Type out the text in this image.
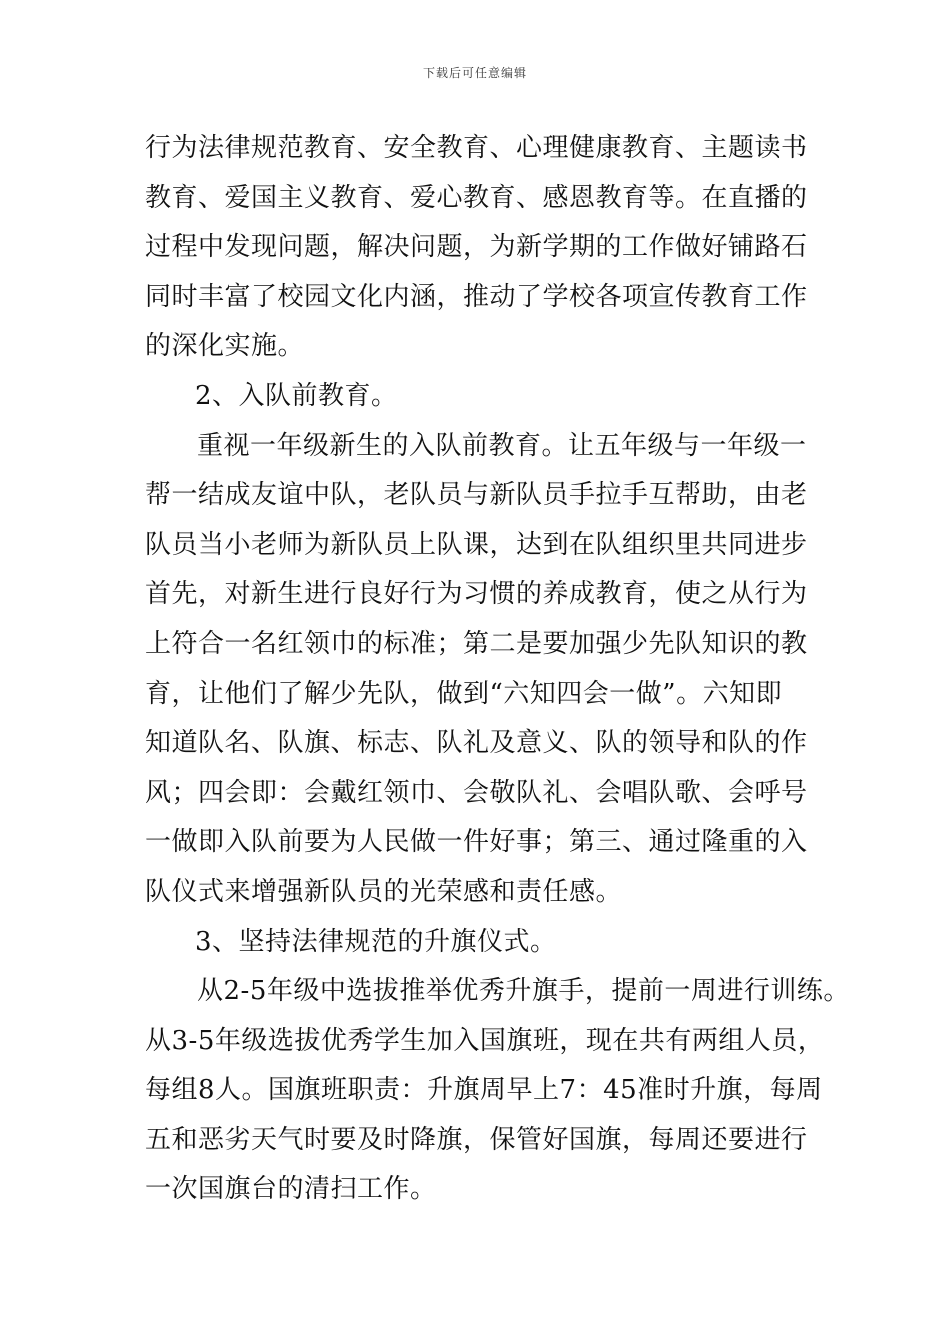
下载后可任意编辑
行为法律规范教育、安全教育、心理健康教育、主题读书
教育、爱国主义教育、爱心教育、感恩教育等。在直播的
过程中发现问题，解决问题，为新学期的工作做好铺路石
同时丰富了校园文化内涵，推动了学校各项宣传教育工作
的深化实施。
2、入队前教育。
重视一年级新生的入队前教育。让五年级与一年级一
帮一结成友谊中队，老队员与新队员手拉手互帮助，由老
队员当小老师为新队员上队课，达到在队组织里共同进步
首先，对新生进行良好行为习惯的养成教育，使之从行为
上符合一名红领巾的标准；第二是要加强少先队知识的教
育，让他们了解少先队，做到“六知四会一做”。六知即
知道队名、队旗、标志、队礼及意义、队的领导和队的作
风；四会即：会戴红领巾、会敬队礼、会唱队歌、会呼号
一做即入队前要为人民做一件好事；第三、通过隆重的入
队仪式来增强新队员的光荣感和责任感。
3、坚持法律规范的升旗仪式。
从2-5年级中选拔推举优秀升旗手，提前一周进行训练。
从3-5年级选拔优秀学生加入国旗班，现在共有两组人员，
每组8人。国旗班职责：升旗周早上7：45准时升旗，每周
五和恶劣天气时要及时降旗，保管好国旗，每周还要进行
一次国旗台的清扫工作。
